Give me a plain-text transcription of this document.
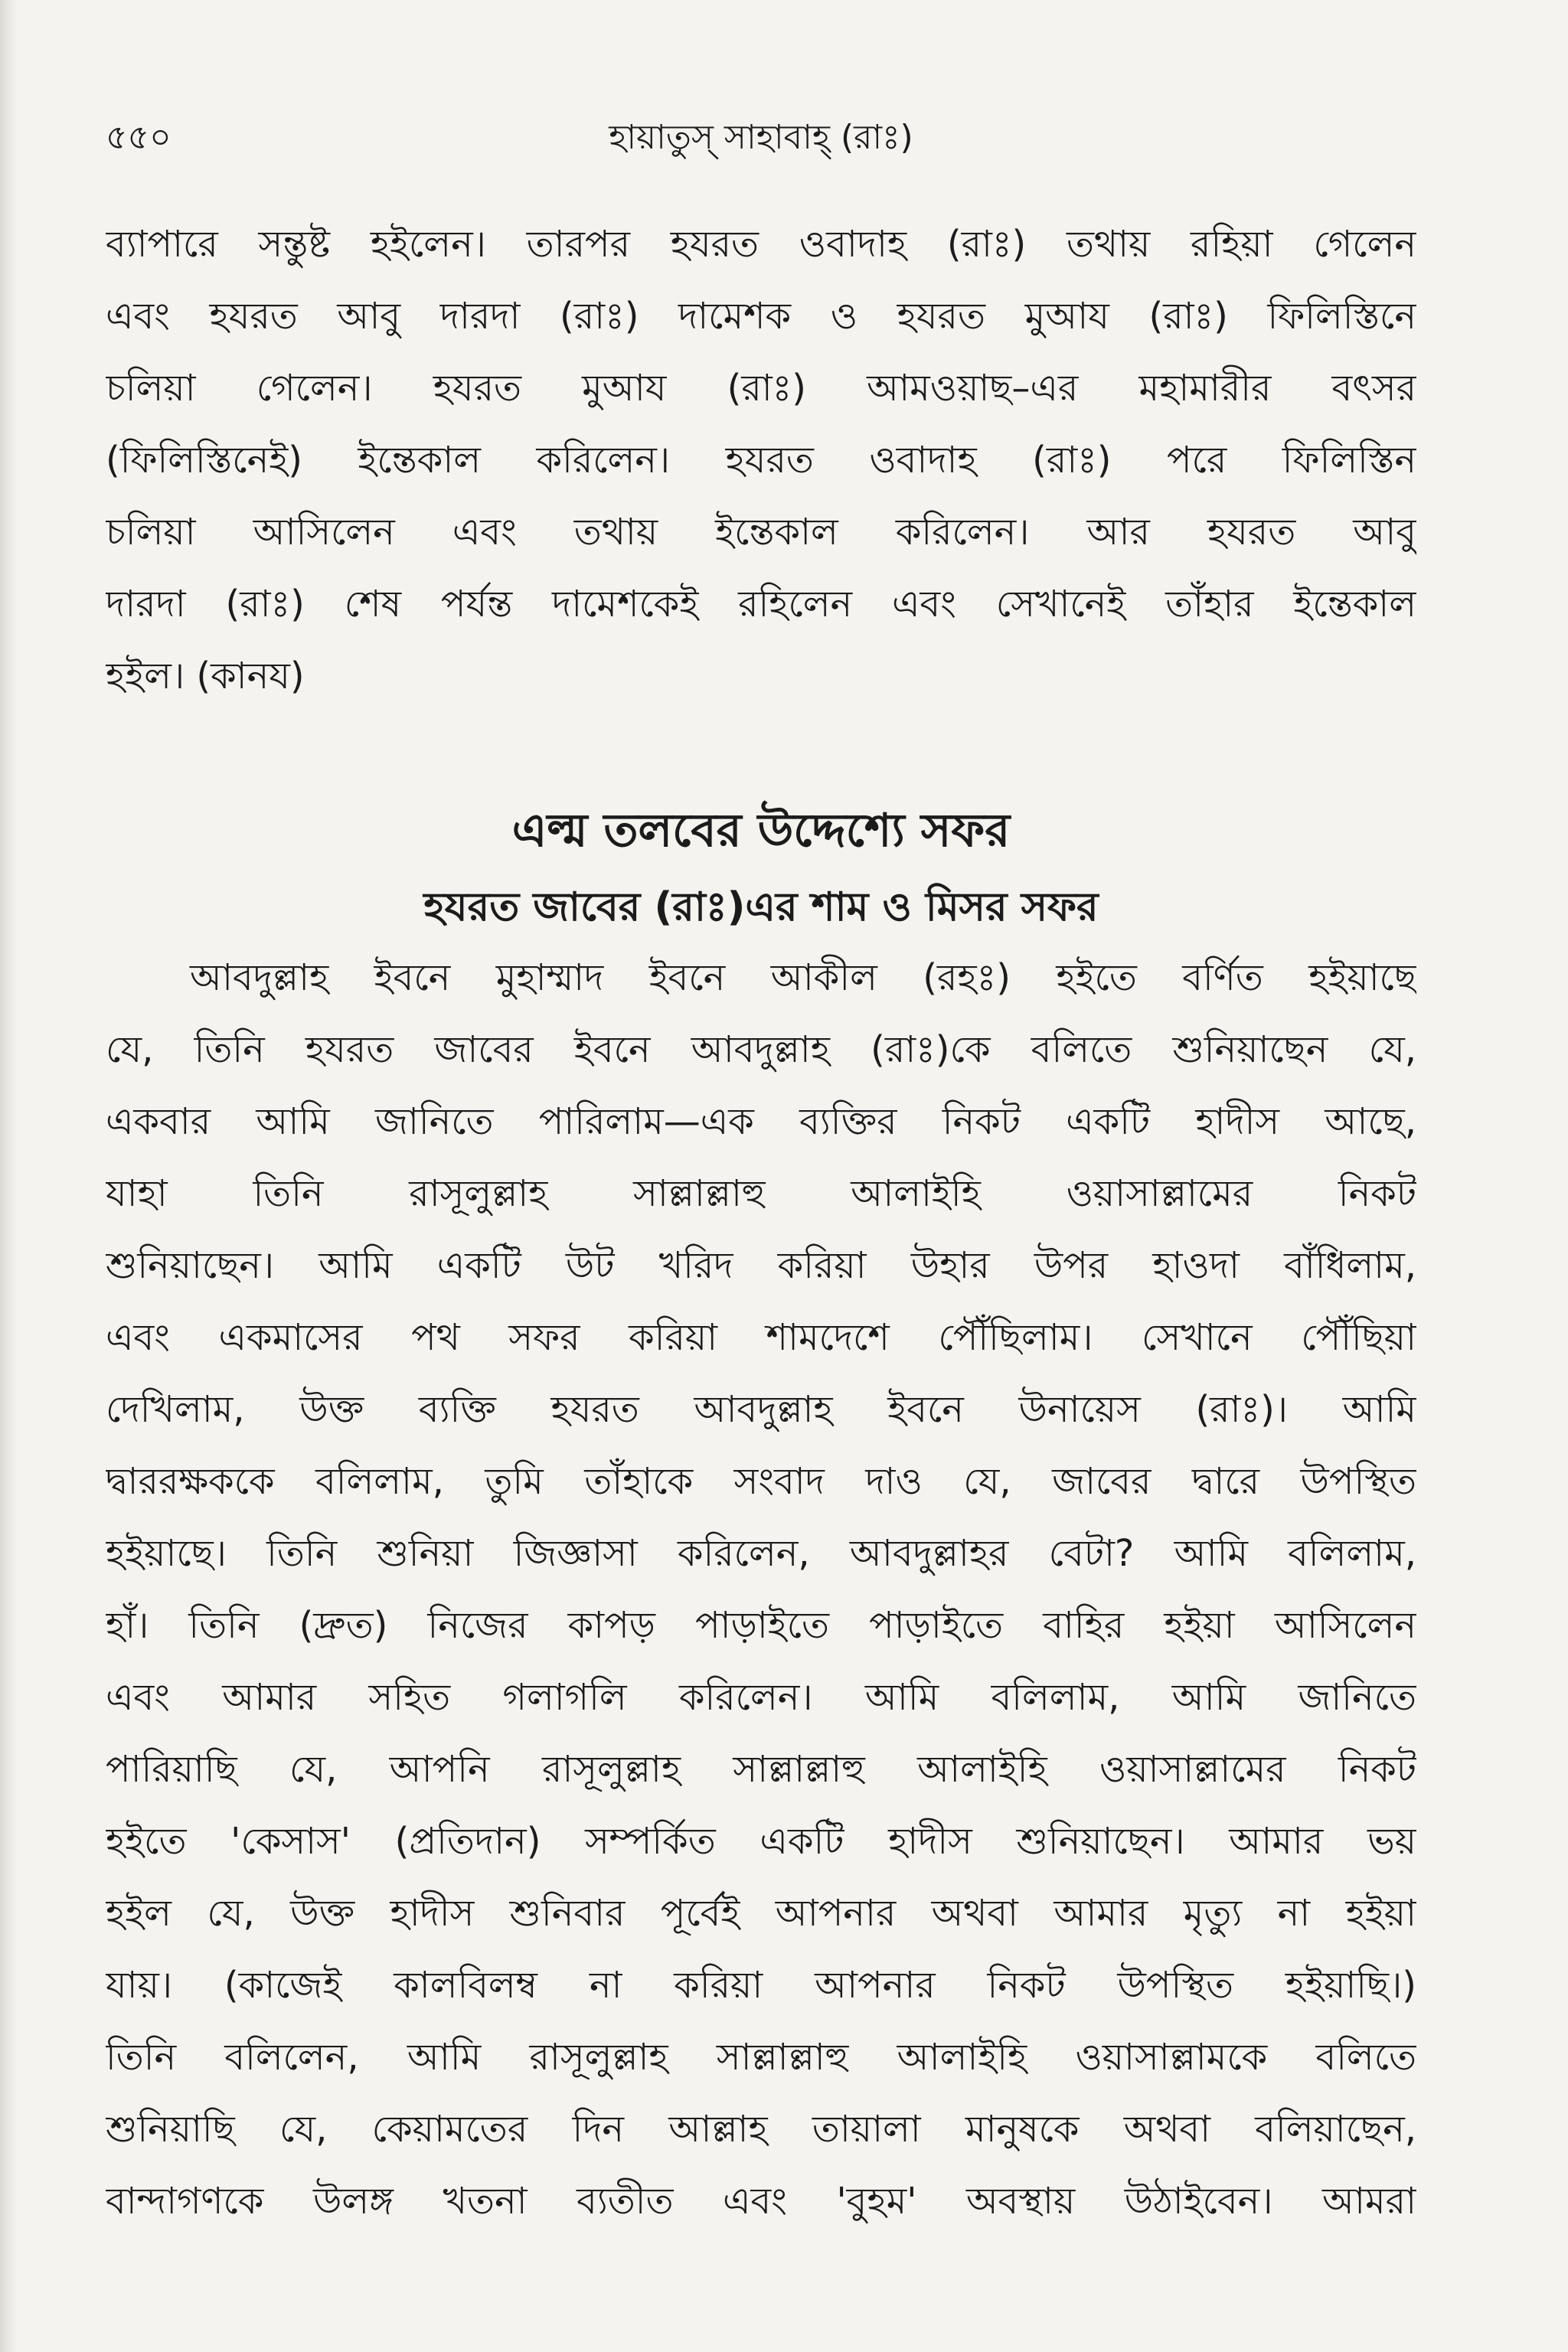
৫৫০	হায়াতুস্ সাহাবাহ্ (রাঃ)
ব্যাপারে সন্তুষ্ট হইলেন। তারপর হযরত ওবাদাহ (রাঃ) তথায় রহিয়া গেলেন
এবং হযরত আবু দারদা (রাঃ) দামেশক ও হযরত মুআয (রাঃ) ফিলিস্তিনে
চলিয়া গেলেন। হযরত মুআয (রাঃ) আমওয়াছ–এর মহামারীর বৎসর
(ফিলিস্তিনেই) ইন্তেকাল করিলেন। হযরত ওবাদাহ (রাঃ) পরে ফিলিস্তিন
চলিয়া আসিলেন এবং তথায় ইন্তেকাল করিলেন। আর হযরত আবু
দারদা (রাঃ) শেষ পর্যন্ত দামেশকেই রহিলেন এবং সেখানেই তাঁহার ইন্তেকাল
হইল। (কানয)
এল্ম তলবের উদ্দেশ্যে সফর
হযরত জাবের (রাঃ)এর শাম ও মিসর সফর
আবদুল্লাহ ইবনে মুহাম্মাদ ইবনে আকীল (রহঃ) হইতে বর্ণিত হইয়াছে
যে, তিনি হযরত জাবের ইবনে আবদুল্লাহ (রাঃ)কে বলিতে শুনিয়াছেন যে,
একবার আমি জানিতে পারিলাম—এক ব্যক্তির নিকট একটি হাদীস আছে,
যাহা তিনি রাসূলুল্লাহ সাল্লাল্লাহু আলাইহি ওয়াসাল্লামের নিকট
শুনিয়াছেন। আমি একটি উট খরিদ করিয়া উহার উপর হাওদা বাঁধিলাম,
এবং একমাসের পথ সফর করিয়া শামদেশে পৌঁছিলাম। সেখানে পৌঁছিয়া
দেখিলাম, উক্ত ব্যক্তি হযরত আবদুল্লাহ ইবনে উনায়েস (রাঃ)। আমি
দ্বাররক্ষককে বলিলাম, তুমি তাঁহাকে সংবাদ দাও যে, জাবের দ্বারে উপস্থিত
হইয়াছে। তিনি শুনিয়া জিজ্ঞাসা করিলেন, আবদুল্লাহর বেটা? আমি বলিলাম,
হাঁ। তিনি (দ্রুত) নিজের কাপড় পাড়াইতে পাড়াইতে বাহির হইয়া আসিলেন
এবং আমার সহিত গলাগলি করিলেন। আমি বলিলাম, আমি জানিতে
পারিয়াছি যে, আপনি রাসূলুল্লাহ সাল্লাল্লাহু আলাইহি ওয়াসাল্লামের নিকট
হইতে 'কেসাস' (প্রতিদান) সম্পর্কিত একটি হাদীস শুনিয়াছেন। আমার ভয়
হইল যে, উক্ত হাদীস শুনিবার পূর্বেই আপনার অথবা আমার মৃত্যু না হইয়া
যায়। (কাজেই কালবিলম্ব না করিয়া আপনার নিকট উপস্থিত হইয়াছি।)
তিনি বলিলেন, আমি রাসূলুল্লাহ সাল্লাল্লাহু আলাইহি ওয়াসাল্লামকে বলিতে
শুনিয়াছি যে, কেয়ামতের দিন আল্লাহ তায়ালা মানুষকে অথবা বলিয়াছেন,
বান্দাগণকে উলঙ্গ খতনা ব্যতীত এবং 'বুহম' অবস্থায় উঠাইবেন। আমরা
